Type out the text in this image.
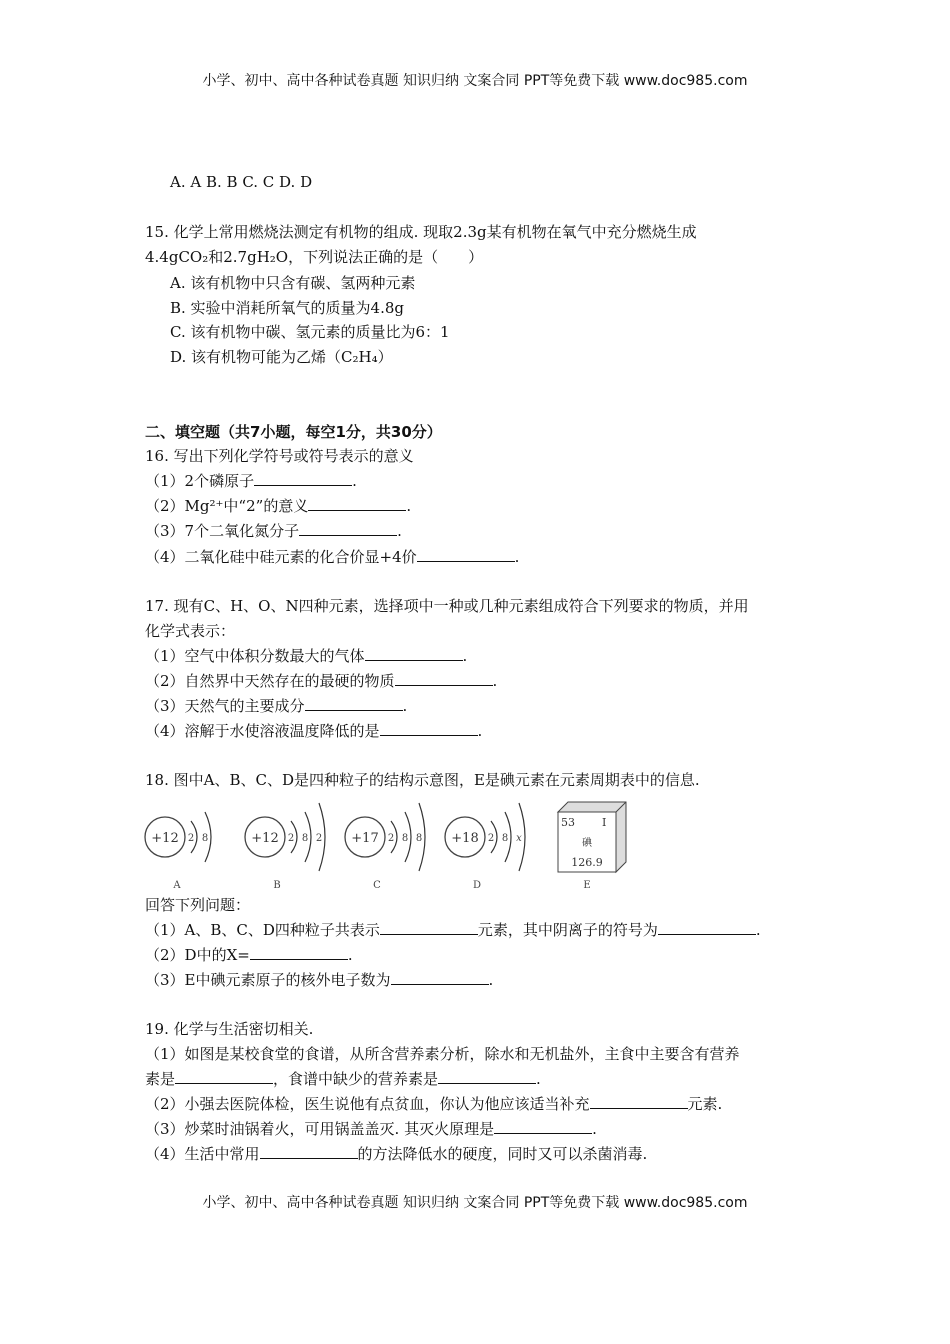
小学、初中、高中各种试卷真题 知识归纳 文案合同 PPT等免费下载 www.doc985.com
A. A B. B C. C D. D
15. 化学上常用燃烧法测定有机物的组成. 现取2.3g某有机物在氧气中充分燃烧生成
4.4gCO₂和2.7gH₂O，下列说法正确的是（　　）
A. 该有机物中只含有碳、氢两种元素
B. 实验中消耗所氧气的质量为4.8g
C. 该有机物中碳、氢元素的质量比为6：1
D. 该有机物可能为乙烯（C₂H₄）
二、填空题（共7小题，每空1分，共30分）
16. 写出下列化学符号或符号表示的意义
（1）2个磷原子	.
（2）Mg²⁺中“2”的意义	.
（3）7个二氧化氮分子	.
（4）二氧化硅中硅元素的化合价显+4价	.
17. 现有C、H、O、N四种元素，选择项中一种或几种元素组成符合下列要求的物质，并用
化学式表示：
（1）空气中体积分数最大的气体	.
（2）自然界中天然存在的最硬的物质	.
（3）天然气的主要成分	.
（4）溶解于水使溶液温度降低的是	.
18. 图中A、B、C、D是四种粒子的结构示意图，E是碘元素在元素周期表中的信息.
回答下列问题：
（1）A、B、C、D四种粒子共表示	元素，其中阴离子的符号为	.
（2）D中的X=	.
（3）E中碘元素原子的核外电子数为	.
19. 化学与生活密切相关.
（1）如图是某校食堂的食谱，从所含营养素分析，除水和无机盐外，主食中主要含有营养
素是	，食谱中缺少的营养素是	.
（2）小强去医院体检，医生说他有点贫血，你认为他应该适当补充	元素.
（3）炒菜时油锅着火，可用锅盖盖灭. 其灭火原理是	.
（4）生活中常用	的方法降低水的硬度，同时又可以杀菌消毒.
+12 2 8
A
+12 2 8 2
B
+17 2 8 8
C
+18 2 8 x
D
53 I
碘
126.9
E
小学、初中、高中各种试卷真题 知识归纳 文案合同 PPT等免费下载 www.doc985.com
